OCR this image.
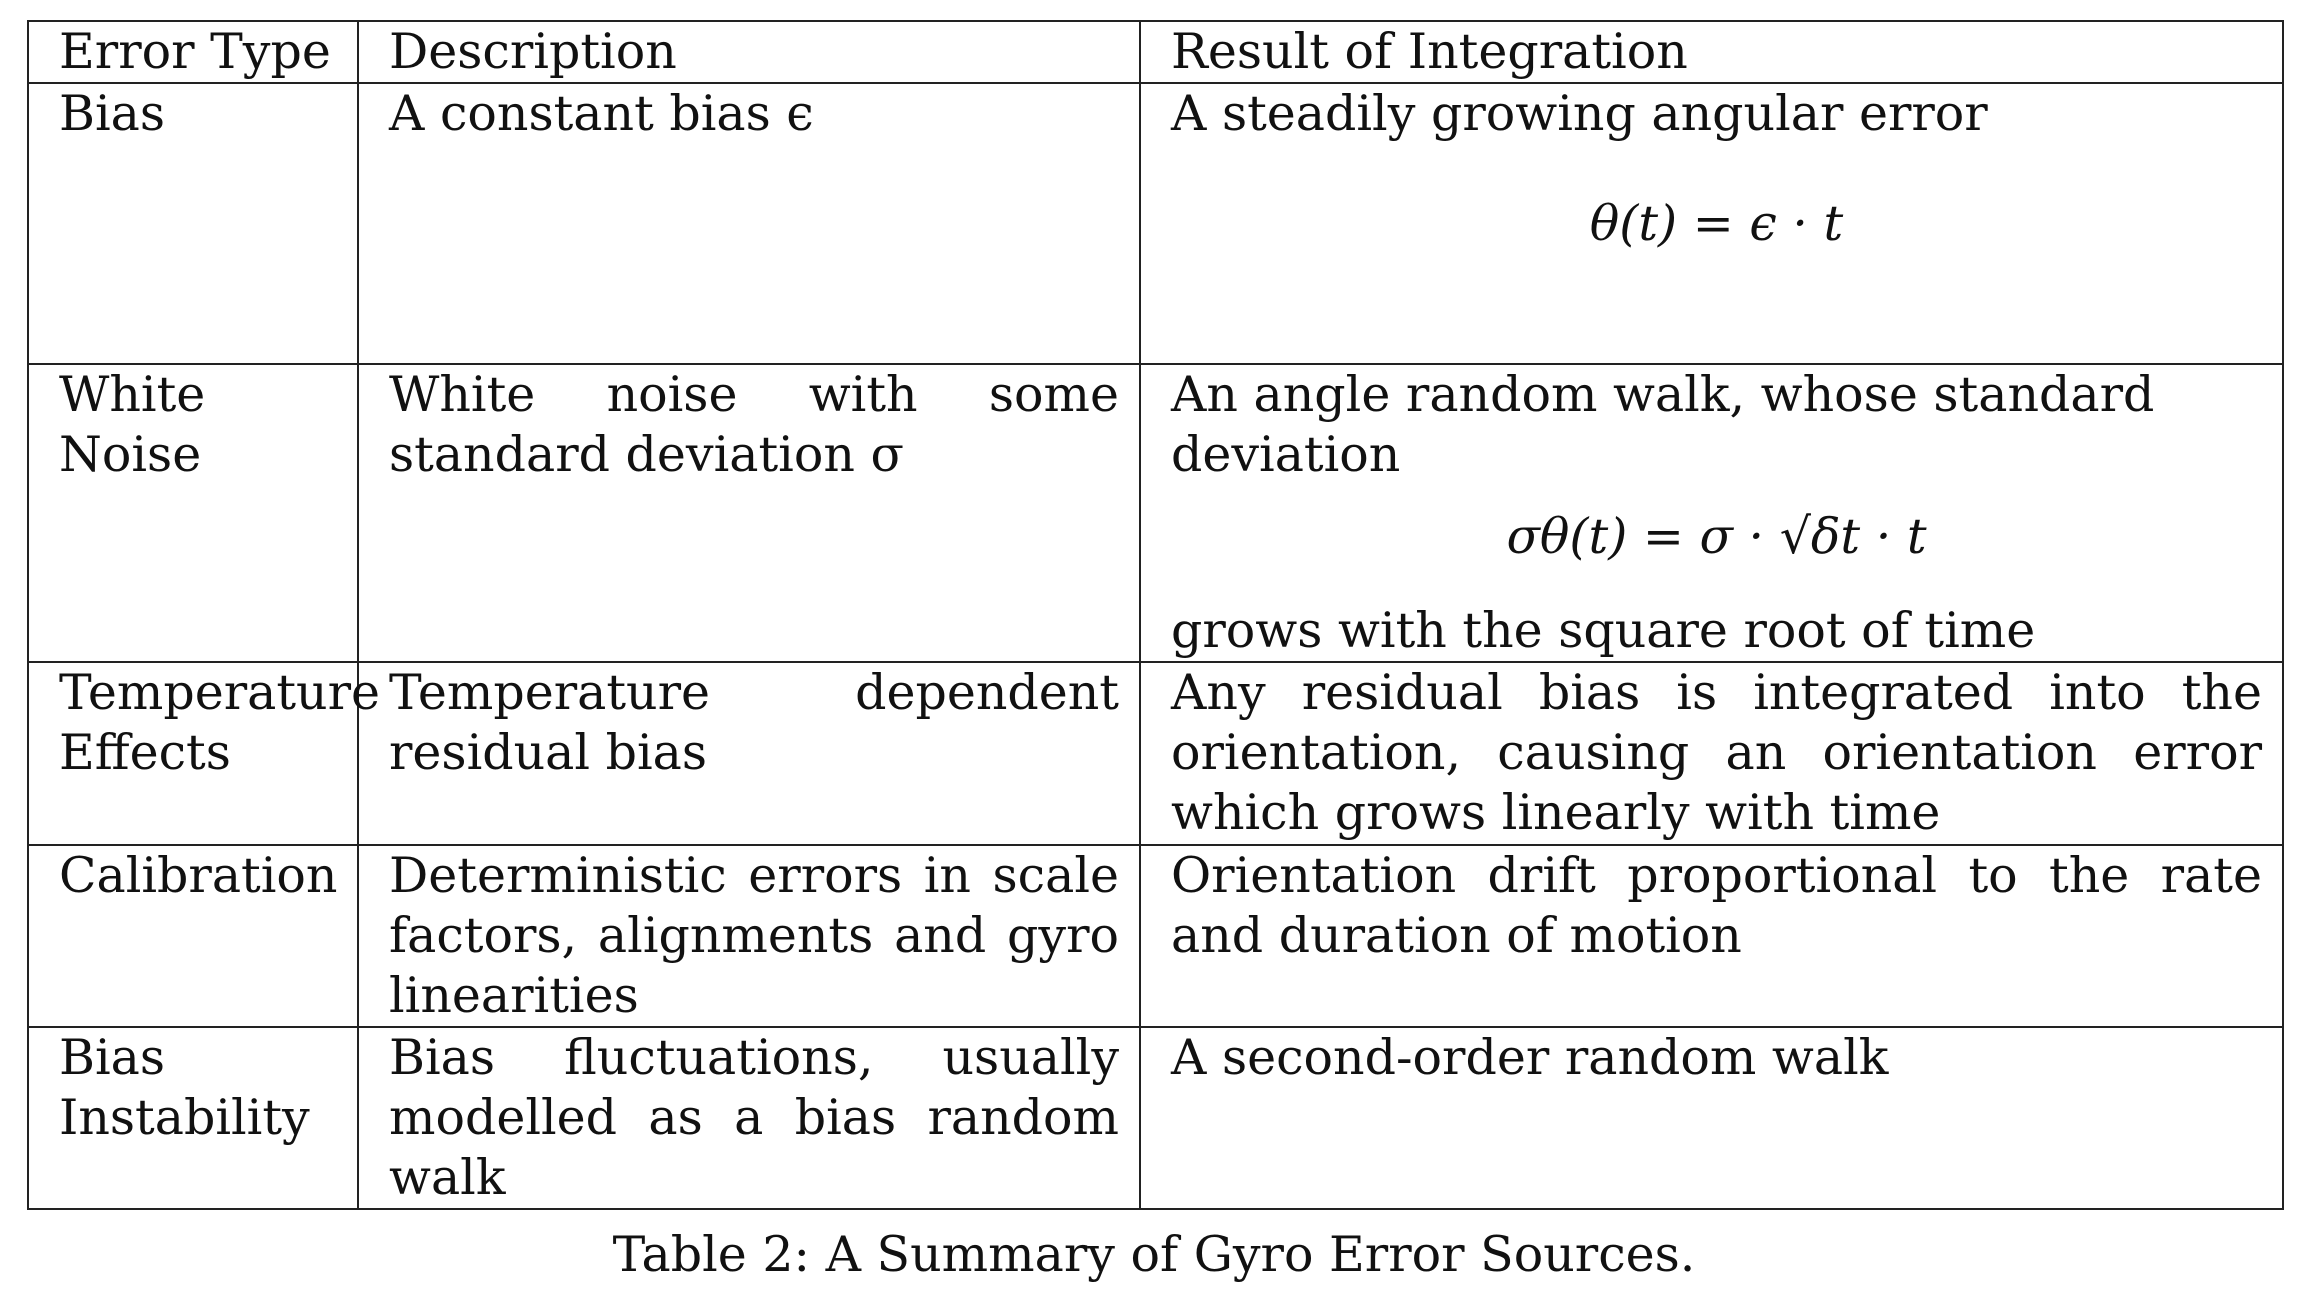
Error Type	Description	Result of Integration
Bias	A constant bias ϵ	A steadily growing angular error
θ(t) = ϵ · t

White Noise	White noise with some standard deviation σ	An angle random walk, whose standard deviation
σθ(t) = σ · √δt · t
grows with the square root of time

Temperature Effects	Temperature dependent residual bias	Any residual bias is integrated into the orientation, causing an orientation error which grows linearly with time
Calibration	Deterministic errors in scale factors, alignments and gyro linearities	Orientation drift proportional to the rate and duration of motion
Bias Instability	Bias fluctuations, usually modelled as a bias random walk	A second-order random walk
Table 2: A Summary of Gyro Error Sources.
